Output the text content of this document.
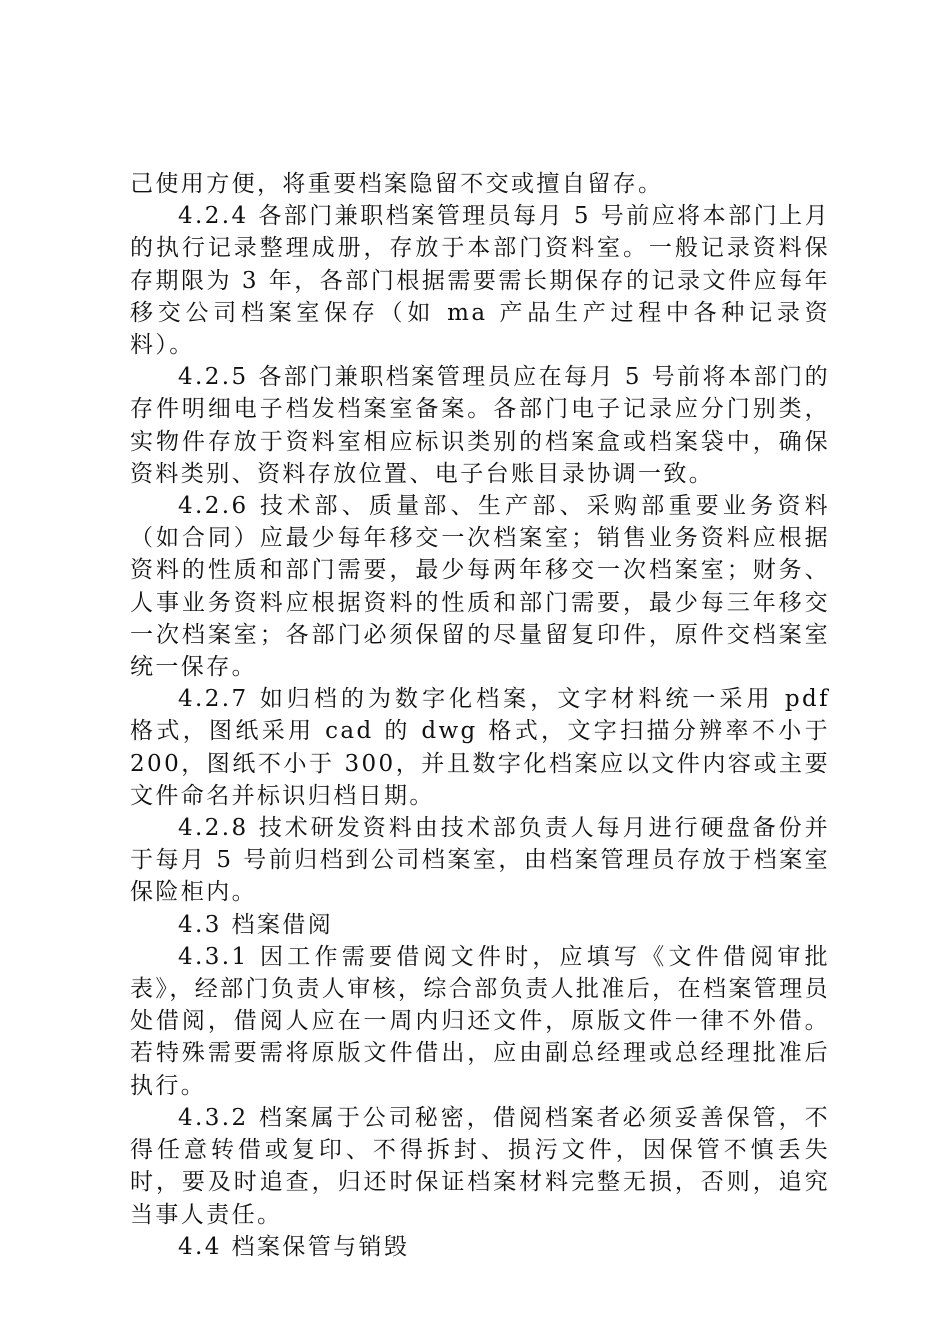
己使用方便，将重要档案隐留不交或擅自留存。

4.2.4 各部门兼职档案管理员每月 5 号前应将本部门上月的执行记录整理成册，存放于本部门资料室。一般记录资料保存期限为 3 年，各部门根据需要需长期保存的记录文件应每年移交公司档案室保存（如 ma 产品生产过程中各种记录资料）。

4.2.5 各部门兼职档案管理员应在每月 5 号前将本部门的存件明细电子档发档案室备案。各部门电子记录应分门别类，实物件存放于资料室相应标识类别的档案盒或档案袋中，确保资料类别、资料存放位置、电子台账目录协调一致。

4.2.6 技术部、质量部、生产部、采购部重要业务资料（如合同）应最少每年移交一次档案室；销售业务资料应根据资料的性质和部门需要，最少每两年移交一次档案室；财务、人事业务资料应根据资料的性质和部门需要，最少每三年移交一次档案室；各部门必须保留的尽量留复印件，原件交档案室统一保存。

4.2.7 如归档的为数字化档案，文字材料统一采用 pdf 格式，图纸采用 cad 的 dwg 格式，文字扫描分辨率不小于 200，图纸不小于 300，并且数字化档案应以文件内容或主要文件命名并标识归档日期。

4.2.8 技术研发资料由技术部负责人每月进行硬盘备份并于每月 5 号前归档到公司档案室，由档案管理员存放于档案室保险柜内。

4.3 档案借阅

4.3.1 因工作需要借阅文件时，应填写《文件借阅审批表》，经部门负责人审核，综合部负责人批准后，在档案管理员处借阅，借阅人应在一周内归还文件，原版文件一律不外借。若特殊需要需将原版文件借出，应由副总经理或总经理批准后执行。

4.3.2 档案属于公司秘密，借阅档案者必须妥善保管，不得任意转借或复印、不得拆封、损污文件，因保管不慎丢失时，要及时追查，归还时保证档案材料完整无损，否则，追究当事人责任。

4.4 档案保管与销毁
